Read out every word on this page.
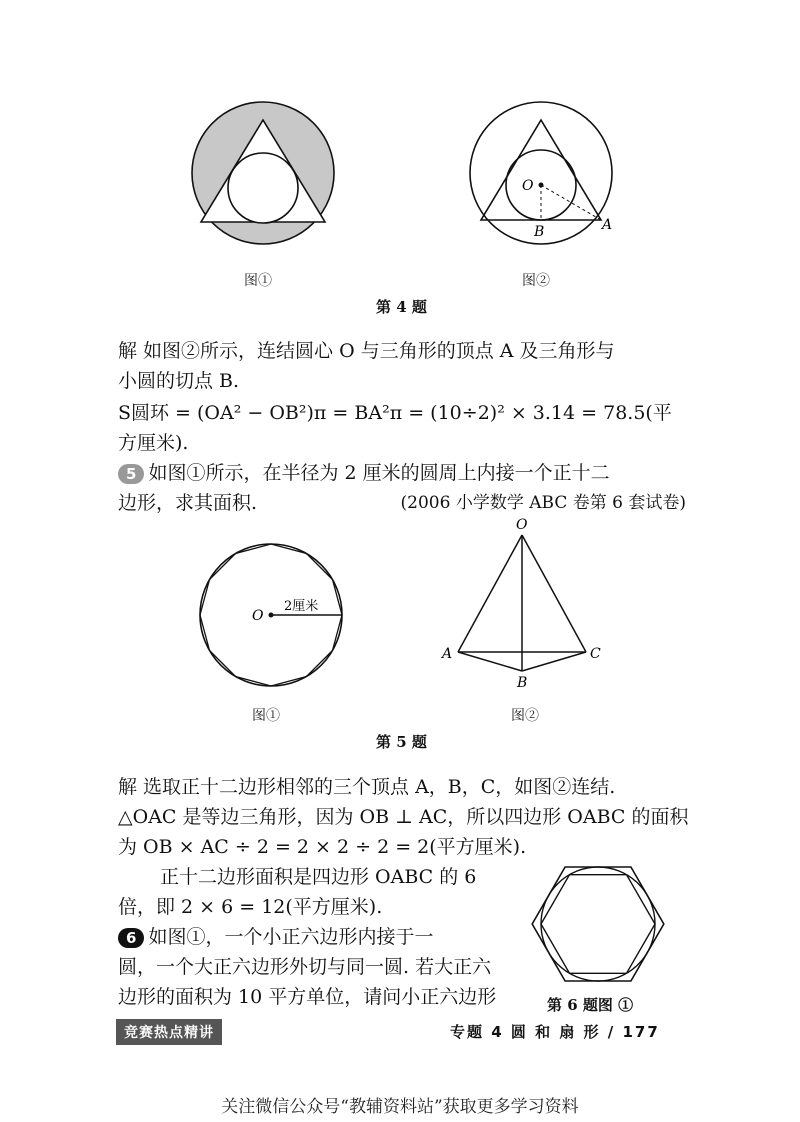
图①
O
A
B
图②
第 4 题
解 如图②所示，连结圆心 O 与三角形的顶点 A 及三角形与
小圆的切点 B.
S圆环 = (OA² − OB²)π = BA²π = (10÷2)² × 3.14 = 78.5(平
方厘米).
5 如图①所示，在半径为 2 厘米的圆周上内接一个正十二
边形，求其面积.	(2006 小学数学 ABC 卷第 6 套试卷)
O
2厘米
图①
O
A	C
B
图②
第 5 题
解 选取正十二边形相邻的三个顶点 A，B，C，如图②连结.
△OAC 是等边三角形，因为 OB ⊥ AC，所以四边形 OABC 的面积
为 OB × AC ÷ 2 = 2 × 2 ÷ 2 = 2(平方厘米).
正十二边形面积是四边形 OABC 的 6
倍，即 2 × 6 = 12(平方厘米).
6 如图①，一个小正六边形内接于一
圆，一个大正六边形外切与同一圆. 若大正六
边形的面积为 10 平方单位，请问小正六边形	第 6 题图 ①
竞赛热点精讲	专题 4 圆 和 扇 形 / 177
关注微信公众号“教辅资料站”获取更多学习资料
